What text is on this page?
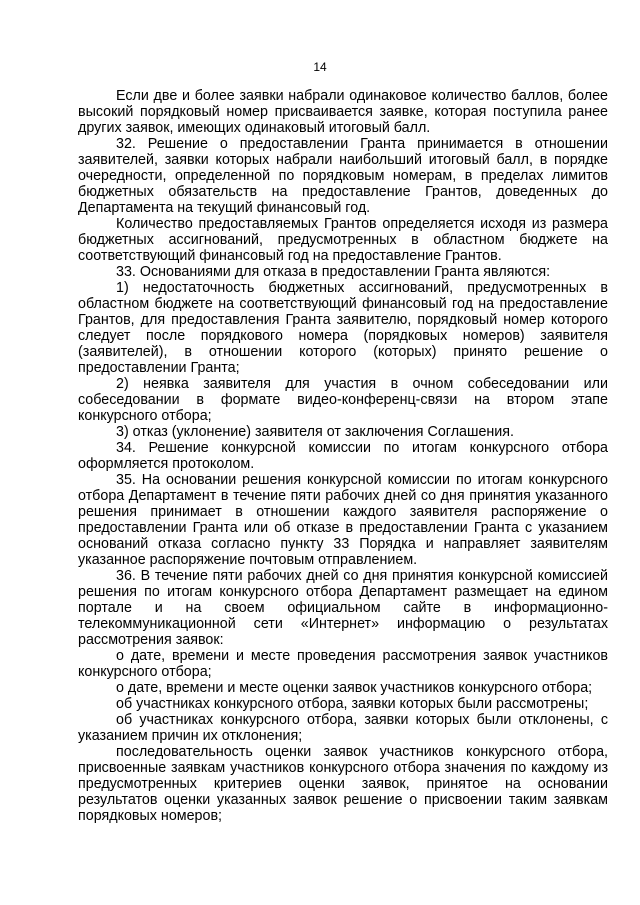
14

Если две и более заявки набрали одинаковое количество баллов, более высокий порядковый номер присваивается заявке, которая поступила ранее других заявок, имеющих одинаковый итоговый балл.

32. Решение о предоставлении Гранта принимается в отношении заявителей, заявки которых набрали наибольший итоговый балл, в порядке очередности, определенной по порядковым номерам, в пределах лимитов бюджетных обязательств на предоставление Грантов, доведенных до Департамента на текущий финансовый год.

Количество предоставляемых Грантов определяется исходя из размера бюджетных ассигнований, предусмотренных в областном бюджете на соответствующий финансовый год на предоставление Грантов.

33. Основаниями для отказа в предоставлении Гранта являются:

1) недостаточность бюджетных ассигнований, предусмотренных в областном бюджете на соответствующий финансовый год на предоставление Грантов, для предоставления Гранта заявителю, порядковый номер которого следует после порядкового номера (порядковых номеров) заявителя (заявителей), в отношении которого (которых) принято решение о предоставлении Гранта;

2) неявка заявителя для участия в очном собеседовании или собеседовании в формате видео-конференц-связи на втором этапе конкурсного отбора;

3) отказ (уклонение) заявителя от заключения Соглашения.

34. Решение конкурсной комиссии по итогам конкурсного отбора оформляется протоколом.

35. На основании решения конкурсной комиссии по итогам конкурсного отбора Департамент в течение пяти рабочих дней со дня принятия указанного решения принимает в отношении каждого заявителя распоряжение о предоставлении Гранта или об отказе в предоставлении Гранта с указанием оснований отказа согласно пункту 33 Порядка и направляет заявителям указанное распоряжение почтовым отправлением.

36. В течение пяти рабочих дней со дня принятия конкурсной комиссией решения по итогам конкурсного отбора Департамент размещает на едином портале и на своем официальном сайте в информационно-телекоммуникационной сети «Интернет» информацию о результатах рассмотрения заявок:

о дате, времени и месте проведения рассмотрения заявок участников конкурсного отбора;

о дате, времени и месте оценки заявок участников конкурсного отбора;

об участниках конкурсного отбора, заявки которых были рассмотрены;

об участниках конкурсного отбора, заявки которых были отклонены, с указанием причин их отклонения;

последовательность оценки заявок участников конкурсного отбора, присвоенные заявкам участников конкурсного отбора значения по каждому из предусмотренных критериев оценки заявок, принятое на основании результатов оценки указанных заявок решение о присвоении таким заявкам порядковых номеров;
